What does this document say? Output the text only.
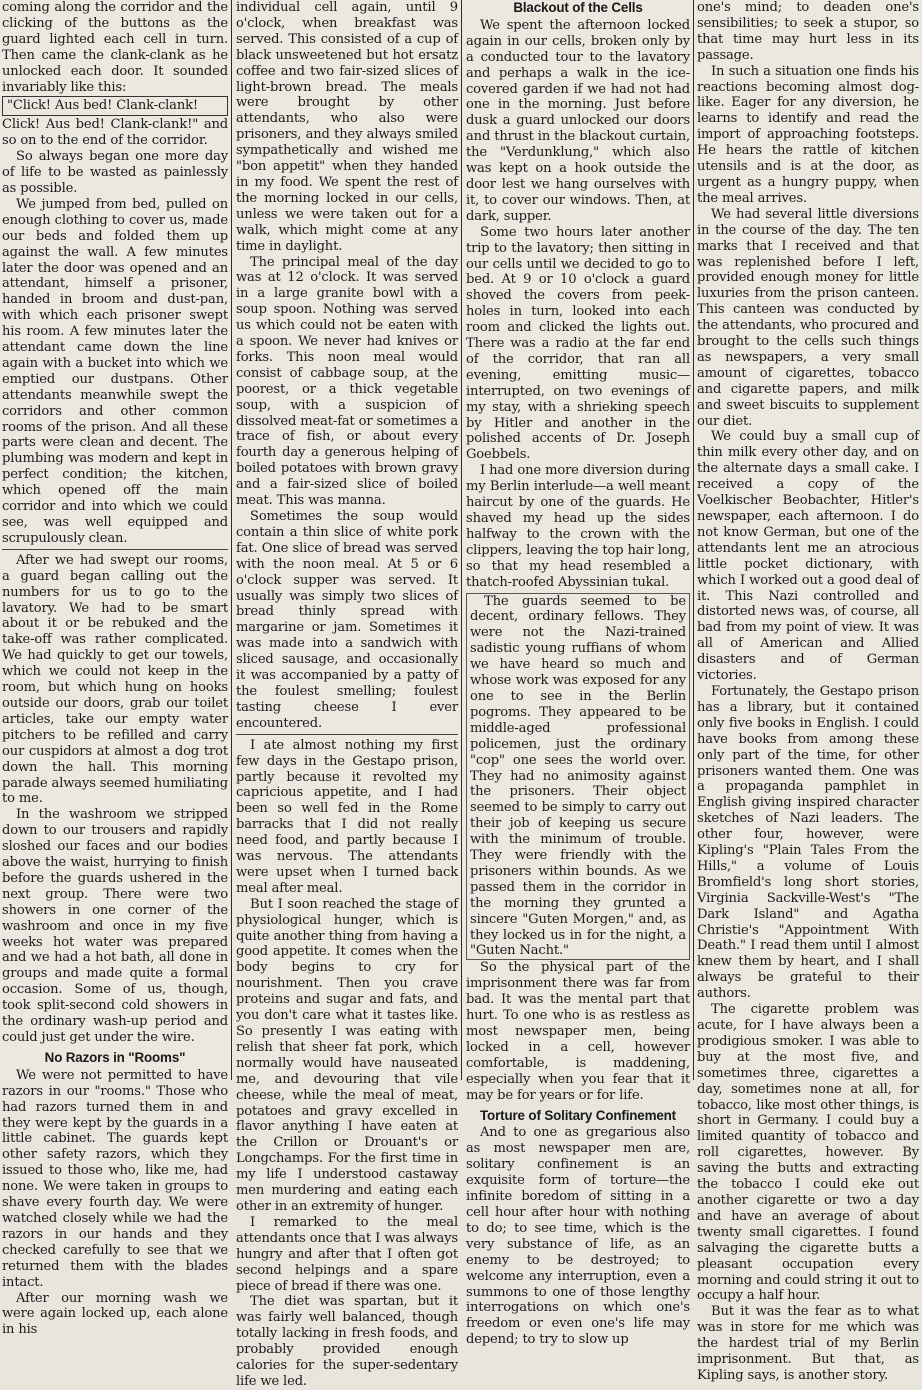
coming along the corridor and the clicking of the buttons as the guard lighted each cell in turn. Then came the clank-clank as he unlocked each door. It sounded invariably like this:

"Click! Aus bed! Clank-clank!

Click! Aus bed! Clank-clank!" and so on to the end of the corridor.

So always began one more day of life to be wasted as painlessly as possible.

We jumped from bed, pulled on enough clothing to cover us, made our beds and folded them up against the wall. A few minutes later the door was opened and an attendant, himself a prisoner, handed in broom and dust-pan, with which each prisoner swept his room. A few minutes later the attendant came down the line again with a bucket into which we emptied our dustpans. Other attendants meanwhile swept the corridors and other common rooms of the prison. And all these parts were clean and decent. The plumbing was modern and kept in perfect condition; the kitchen, which opened off the main corridor and into which we could see, was well equipped and scrupulously clean.

After we had swept our rooms, a guard began calling out the numbers for us to go to the lavatory. We had to be smart about it or be rebuked and the take-off was rather complicated. We had quickly to get our towels, which we could not keep in the room, but which hung on hooks outside our doors, grab our toilet articles, take our empty water pitchers to be refilled and carry our cuspidors at almost a dog trot down the hall. This morning parade always seemed humiliating to me.

In the washroom we stripped down to our trousers and rapidly sloshed our faces and our bodies above the waist, hurrying to finish before the guards ushered in the next group. There were two showers in one corner of the washroom and once in my five weeks hot water was prepared and we had a hot bath, all done in groups and made quite a formal occasion. Some of us, though, took split-second cold showers in the ordinary wash-up period and could just get under the wire.

No Razors in "Rooms"

We were not permitted to have razors in our "rooms." Those who had razors turned them in and they were kept by the guards in a little cabinet. The guards kept other safety razors, which they issued to those who, like me, had none. We were taken in groups to shave every fourth day. We were watched closely while we had the razors in our hands and they checked carefully to see that we returned them with the blades intact.

After our morning wash we were again locked up, each alone in his

individual cell again, until 9 o'clock, when breakfast was served. This consisted of a cup of black unsweetened but hot ersatz coffee and two fair-sized slices of light-brown bread. The meals were brought by other attendants, who also were prisoners, and they always smiled sympathetically and wished me "bon appetit" when they handed in my food. We spent the rest of the morning locked in our cells, unless we were taken out for a walk, which might come at any time in daylight.

The principal meal of the day was at 12 o'clock. It was served in a large granite bowl with a soup spoon. Nothing was served us which could not be eaten with a spoon. We never had knives or forks. This noon meal would consist of cabbage soup, at the poorest, or a thick vegetable soup, with a suspicion of dissolved meat-fat or sometimes a trace of fish, or about every fourth day a generous helping of boiled potatoes with brown gravy and a fair-sized slice of boiled meat. This was manna.

Sometimes the soup would contain a thin slice of white pork fat. One slice of bread was served with the noon meal. At 5 or 6 o'clock supper was served. It usually was simply two slices of bread thinly spread with margarine or jam. Sometimes it was made into a sandwich with sliced sausage, and occasionally it was accompanied by a patty of the foulest smelling; foulest tasting cheese I ever encountered.

I ate almost nothing my first few days in the Gestapo prison, partly because it revolted my capricious appetite, and I had been so well fed in the Rome barracks that I did not really need food, and partly because I was nervous. The attendants were upset when I turned back meal after meal.

But I soon reached the stage of physiological hunger, which is quite another thing from having a good appetite. It comes when the body begins to cry for nourishment. Then you crave proteins and sugar and fats, and you don't care what it tastes like. So presently I was eating with relish that sheer fat pork, which normally would have nauseated me, and devouring that vile cheese, while the meal of meat, potatoes and gravy excelled in flavor anything I have eaten at the Crillon or Drouant's or Longchamps. For the first time in my life I understood castaway men murdering and eating each other in an extremity of hunger.

I remarked to the meal attendants once that I was always hungry and after that I often got second helpings and a spare piece of bread if there was one.

The diet was spartan, but it was fairly well balanced, though totally lacking in fresh foods, and probably provided enough calories for the super-sedentary life we led.

Blackout of the Cells

We spent the afternoon locked again in our cells, broken only by a conducted tour to the lavatory and perhaps a walk in the ice-covered garden if we had not had one in the morning. Just before dusk a guard unlocked our doors and thrust in the blackout curtain, the "Verdunklung," which also was kept on a hook outside the door lest we hang ourselves with it, to cover our windows. Then, at dark, supper.

Some two hours later another trip to the lavatory; then sitting in our cells until we decided to go to bed. At 9 or 10 o'clock a guard shoved the covers from peek-holes in turn, looked into each room and clicked the lights out. There was a radio at the far end of the corridor, that ran all evening, emitting music—interrupted, on two evenings of my stay, with a shrieking speech by Hitler and another in the polished accents of Dr. Joseph Goebbels.

I had one more diversion during my Berlin interlude—a well meant haircut by one of the guards. He shaved my head up the sides halfway to the crown with the clippers, leaving the top hair long, so that my head resembled a thatch-roofed Abyssinian tukal.

The guards seemed to be decent, ordinary fellows. They were not the Nazi-trained sadistic young ruffians of whom we have heard so much and whose work was exposed for any one to see in the Berlin pogroms. They appeared to be middle-aged professional policemen, just the ordinary "cop" one sees the world over. They had no animosity against the prisoners. Their object seemed to be simply to carry out their job of keeping us secure with the minimum of trouble. They were friendly with the prisoners within bounds. As we passed them in the corridor in the morning they grunted a sincere "Guten Morgen," and, as they locked us in for the night, a "Guten Nacht."

So the physical part of the imprisonment there was far from bad. It was the mental part that hurt. To one who is as restless as most newspaper men, being locked in a cell, however comfortable, is maddening, especially when you fear that it may be for years or for life.

Torture of Solitary Confinement

And to one as gregarious also as most newspaper men are, solitary confinement is an exquisite form of torture—the infinite boredom of sitting in a cell hour after hour with nothing to do; to see time, which is the very substance of life, as an enemy to be destroyed; to welcome any interruption, even a summons to one of those lengthy interrogations on which one's freedom or even one's life may depend; to try to slow up

one's mind; to deaden one's sensibilities; to seek a stupor, so that time may hurt less in its passage.

In such a situation one finds his reactions becoming almost dog-like. Eager for any diversion, he learns to identify and read the import of approaching footsteps. He hears the rattle of kitchen utensils and is at the door, as urgent as a hungry puppy, when the meal arrives.

We had several little diversions in the course of the day. The ten marks that I received and that was replenished before I left, provided enough money for little luxuries from the prison canteen. This canteen was conducted by the attendants, who procured and brought to the cells such things as newspapers, a very small amount of cigarettes, tobacco and cigarette papers, and milk and sweet biscuits to supplement our diet.

We could buy a small cup of thin milk every other day, and on the alternate days a small cake. I received a copy of the Voelkischer Beobachter, Hitler's newspaper, each afternoon. I do not know German, but one of the attendants lent me an atrocious little pocket dictionary, with which I worked out a good deal of it. This Nazi controlled and distorted news was, of course, all bad from my point of view. It was all of American and Allied disasters and of German victories.

Fortunately, the Gestapo prison has a library, but it contained only five books in English. I could have books from among these only part of the time, for other prisoners wanted them. One was a propaganda pamphlet in English giving inspired character sketches of Nazi leaders. The other four, however, were Kipling's "Plain Tales From the Hills," a volume of Louis Bromfield's long short stories, Virginia Sackville-West's "The Dark Island" and Agatha Christie's "Appointment With Death." I read them until I almost knew them by heart, and I shall always be grateful to their authors.

The cigarette problem was acute, for I have always been a prodigious smoker. I was able to buy at the most five, and sometimes three, cigarettes a day, sometimes none at all, for tobacco, like most other things, is short in Germany. I could buy a limited quantity of tobacco and roll cigarettes, however. By saving the butts and extracting the tobacco I could eke out another cigarette or two a day and have an average of about twenty small cigarettes. I found salvaging the cigarette butts a pleasant occupation every morning and could string it out to occupy a half hour.

But it was the fear as to what was in store for me which was the hardest trial of my Berlin imprisonment. But that, as Kipling says, is another story.
